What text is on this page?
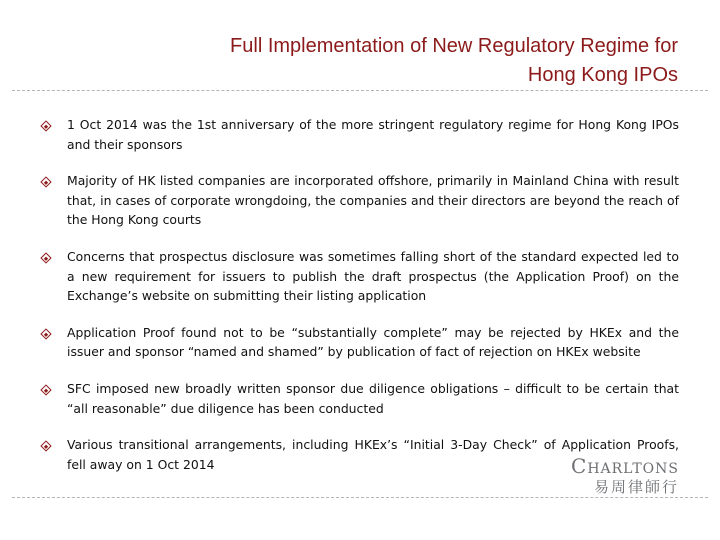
Full Implementation of New Regulatory Regime for
Hong Kong IPOs
1 Oct 2014 was the 1st anniversary of the more stringent regulatory regime for Hong Kong IPOs and their sponsors
Majority of HK listed companies are incorporated offshore, primarily in Mainland China with result that, in cases of corporate wrongdoing, the companies and their directors are beyond the reach of the Hong Kong courts
Concerns that prospectus disclosure was sometimes falling short of the standard expected led to a new requirement for issuers to publish the draft prospectus (the Application Proof) on the Exchange’s website on submitting their listing application
Application Proof found not to be “substantially complete” may be rejected by HKEx and the issuer and sponsor “named and shamed” by publication of fact of rejection on HKEx website
SFC imposed new broadly written sponsor due diligence obligations – difficult to be certain that “all reasonable” due diligence has been conducted
Various transitional arrangements, including HKEx’s “Initial 3-Day Check” of Application Proofs, fell away on 1 Oct 2014	Charltons
易周律師行
